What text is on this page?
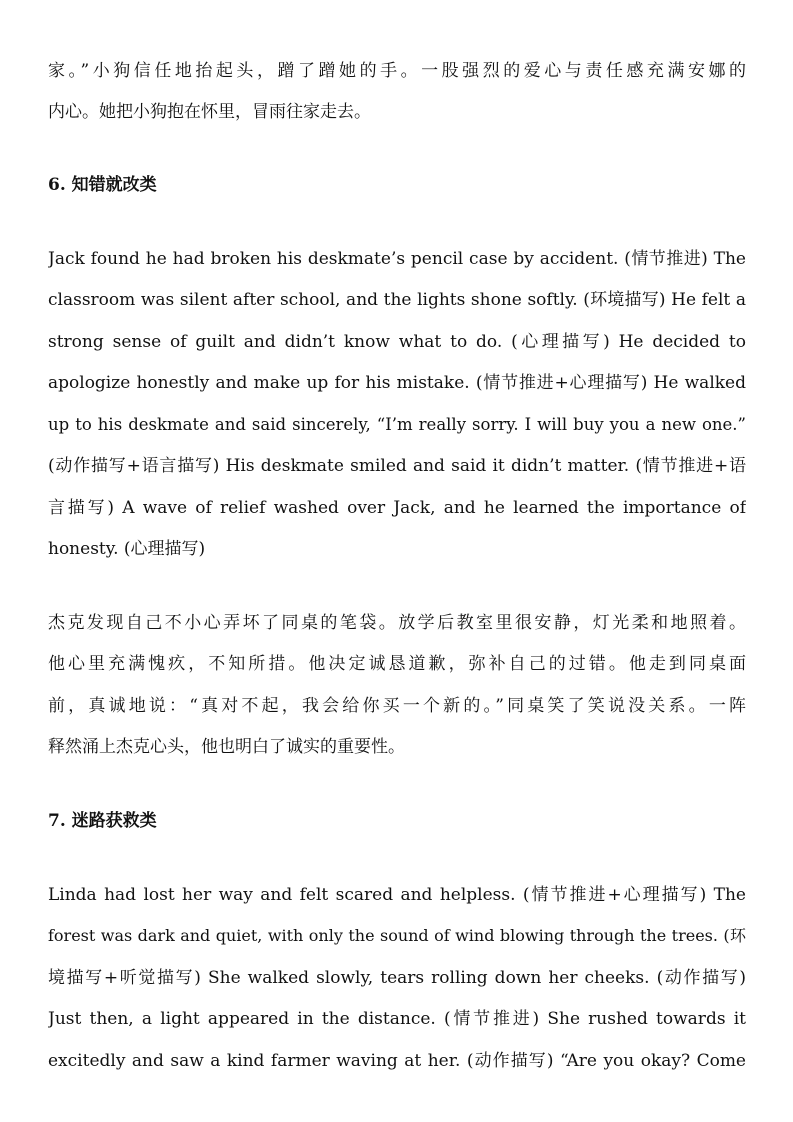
家。”小狗信任地抬起头，蹭了蹭她的手。一股强烈的爱心与责任感充满安娜的
内心。她把小狗抱在怀里，冒雨往家走去。
6. 知错就改类
Jack found he had broken his deskmate’s pencil case by accident. (情节推进) The
classroom was silent after school, and the lights shone softly. (环境描写) He felt a
strong sense of guilt and didn’t know what to do. (心理描写) He decided to
apologize honestly and make up for his mistake. (情节推进+心理描写) He walked
up to his deskmate and said sincerely, “I’m really sorry. I will buy you a new one.”
(动作描写+语言描写) His deskmate smiled and said it didn’t matter. (情节推进+语
言描写) A wave of relief washed over Jack, and he learned the importance of
honesty. (心理描写)
杰克发现自己不小心弄坏了同桌的笔袋。放学后教室里很安静，灯光柔和地照着。
他心里充满愧疚，不知所措。他决定诚恳道歉，弥补自己的过错。他走到同桌面
前，真诚地说：“真对不起，我会给你买一个新的。”同桌笑了笑说没关系。一阵
释然涌上杰克心头，他也明白了诚实的重要性。
7. 迷路获救类
Linda had lost her way and felt scared and helpless. (情节推进+心理描写) The
forest was dark and quiet, with only the sound of wind blowing through the trees. (环
境描写+听觉描写) She walked slowly, tears rolling down her cheeks. (动作描写)
Just then, a light appeared in the distance. (情节推进) She rushed towards it
excitedly and saw a kind farmer waving at her. (动作描写) “Are you okay? Come
